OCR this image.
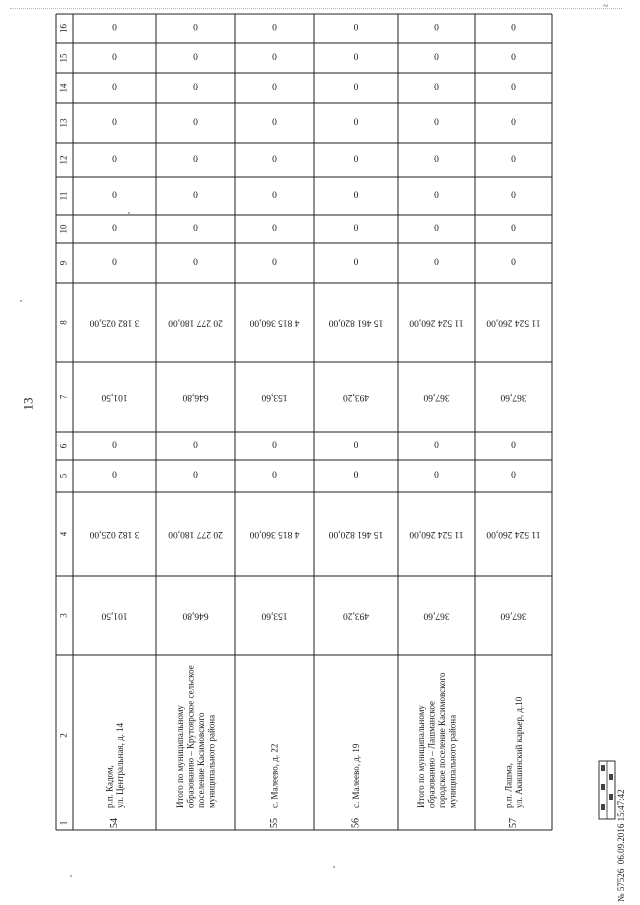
~
13
1
2
3
4
5
6
7
8
9
10
11
12
13
14
15
16
54
101,50
3 182 025,00
0
0
101,50
3 182 025,00
0
0
0
0
0
0
0
0
р.п. Кадом,ул. Центральная, д. 14
646,80
20 277 180,00
0
0
646,80
20 277 180,00
0
0
0
0
0
0
0
0
Итого по муниципальномуобразованию – Крутоярское сельскоепоселение Касимовскогомуниципального района
55
153,60
4 815 360,00
0
0
153,60
4 815 360,00
0
0
0
0
0
0
0
0
с. Малеево, д. 22
56
493,20
15 461 820,00
0
0
493,20
15 461 820,00
0
0
0
0
0
0
0
0
с. Малеево, д. 19
367,60
11 524 260,00
0
0
367,60
11 524 260,00
0
0
0
0
0
0
0
0
Итого по муниципальномуобразованию – Лашманскоегородское поселение Касимовскогомуниципального района
57
367,60
11 524 260,00
0
0
367,60
11 524 260,00
0
0
0
0
0
0
0
0
р.п. Лашма,ул. Акишинский карьер, д.10
№ 57526  06.09.2016 15:47:42
